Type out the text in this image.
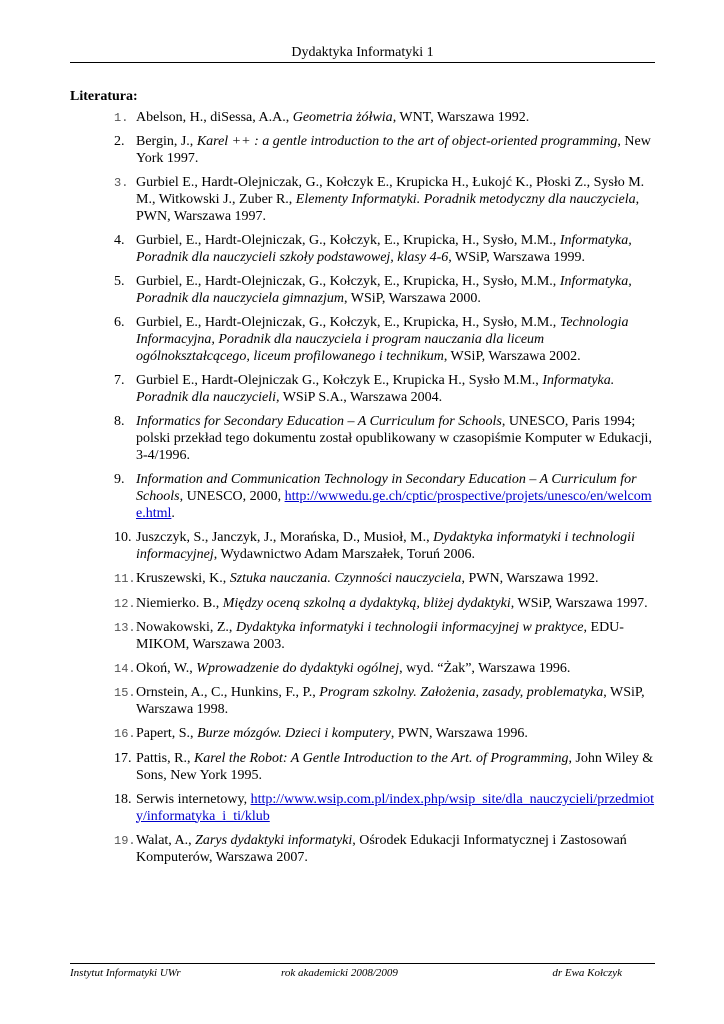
Dydaktyka Informatyki 1
Literatura:
1. Abelson, H., diSessa, A.A., Geometria żółwia, WNT, Warszawa 1992.
2. Bergin, J., Karel ++ : a gentle introduction to the art of object-oriented programming, New York 1997.
3. Gurbiel E., Hardt-Olejniczak, G., Kołczyk E., Krupicka H., Łukojć K., Płoski Z., Sysło M. M., Witkowski J., Zuber R., Elementy Informatyki. Poradnik metodyczny dla nauczyciela, PWN, Warszawa 1997.
4. Gurbiel, E., Hardt-Olejniczak, G., Kołczyk, E., Krupicka, H., Sysło, M.M., Informatyka, Poradnik dla nauczycieli szkoły podstawowej, klasy 4-6, WSiP, Warszawa 1999.
5. Gurbiel, E., Hardt-Olejniczak, G., Kołczyk, E., Krupicka, H., Sysło, M.M., Informatyka, Poradnik dla nauczyciela gimnazjum, WSiP, Warszawa 2000.
6. Gurbiel, E., Hardt-Olejniczak, G., Kołczyk, E., Krupicka, H., Sysło, M.M., Technologia Informacyjna, Poradnik dla nauczyciela i program nauczania dla liceum ogólnokształcącego, liceum profilowanego i technikum, WSiP, Warszawa 2002.
7. Gurbiel E., Hardt-Olejniczak G., Kołczyk E., Krupicka H., Sysło M.M., Informatyka. Poradnik dla nauczycieli, WSiP S.A., Warszawa 2004.
8. Informatics for Secondary Education – A Curriculum for Schools, UNESCO, Paris 1994; polski przekład tego dokumentu został opublikowany w czasopiśmie Komputer w Edukacji, 3-4/1996.
9. Information and Communication Technology in Secondary Education – A Curriculum for Schools, UNESCO, 2000, http://wwwedu.ge.ch/cptic/prospective/projets/unesco/en/welcome.html.
10. Juszczyk, S., Janczyk, J., Morańska, D., Musioł, M., Dydaktyka informatyki i technologii informacyjnej, Wydawnictwo Adam Marszałek, Toruń 2006.
11. Kruszewski, K., Sztuka nauczania. Czynności nauczyciela, PWN, Warszawa 1992.
12. Niemierko. B., Między oceną szkolną a dydaktyką, bliżej dydaktyki, WSiP, Warszawa 1997.
13. Nowakowski, Z., Dydaktyka informatyki i technologii informacyjnej w praktyce, EDU-MIKOM, Warszawa 2003.
14. Okoń, W., Wprowadzenie do dydaktyki ogólnej, wyd. “Żak”, Warszawa 1996.
15. Ornstein, A., C., Hunkins, F., P., Program szkolny. Założenia, zasady, problematyka, WSiP, Warszawa 1998.
16. Papert, S., Burze mózgów. Dzieci i komputery, PWN, Warszawa 1996.
17. Pattis, R., Karel the Robot: A Gentle Introduction to the Art. of Programming, John Wiley & Sons, New York 1995.
18. Serwis internetowy, http://www.wsip.com.pl/index.php/wsip_site/dla_nauczycieli/przedmioty/informatyka_i_ti/klub
19. Walat, A., Zarys dydaktyki informatyki, Ośrodek Edukacji Informatycznej i Zastosowań Komputerów, Warszawa 2007.
Instytut Informatyki UWr	rok akademicki 2008/2009	dr Ewa Kołczyk
